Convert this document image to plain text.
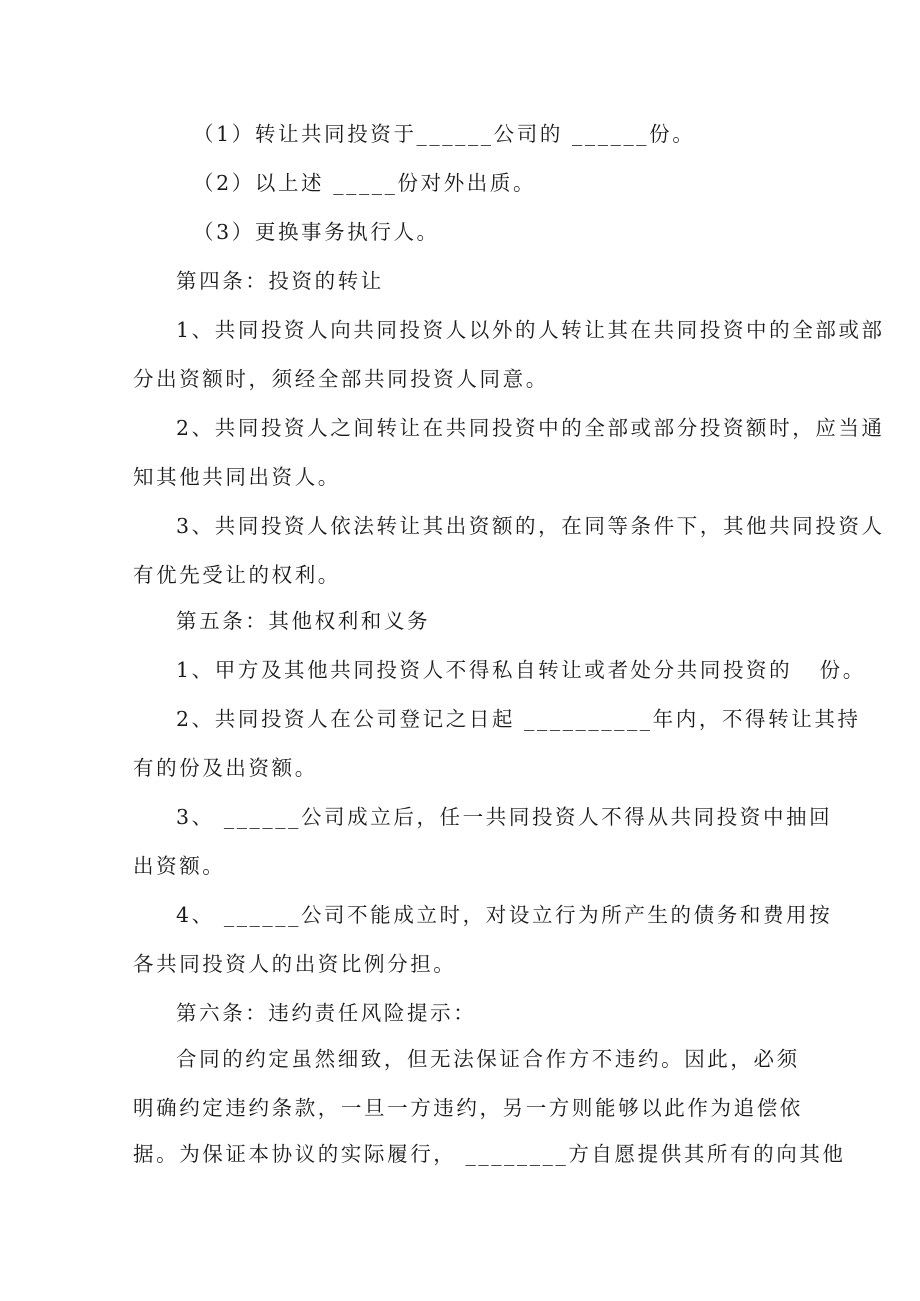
（1）转让共同投资于______公司的 ______份。
（2）以上述 _____份对外出质。
（3）更换事务执行人。
第四条：投资的转让
1、共同投资人向共同投资人以外的人转让其在共同投资中的全部或部
分出资额时，须经全部共同投资人同意。
2、共同投资人之间转让在共同投资中的全部或部分投资额时，应当通
知其他共同出资人。
3、共同投资人依法转让其出资额的，在同等条件下，其他共同投资人
有优先受让的权利。
第五条：其他权利和义务
1、甲方及其他共同投资人不得私自转让或者处分共同投资的   份。
2、共同投资人在公司登记之日起 __________年内，不得转让其持
有的份及出资额。
3、 ______公司成立后，任一共同投资人不得从共同投资中抽回
出资额。
4、 ______公司不能成立时，对设立行为所产生的债务和费用按
各共同投资人的出资比例分担。
第六条：违约责任风险提示：
合同的约定虽然细致，但无法保证合作方不违约。因此，必须
明确约定违约条款，一旦一方违约，另一方则能够以此作为追偿依
据。为保证本协议的实际履行， ________方自愿提供其所有的向其他
